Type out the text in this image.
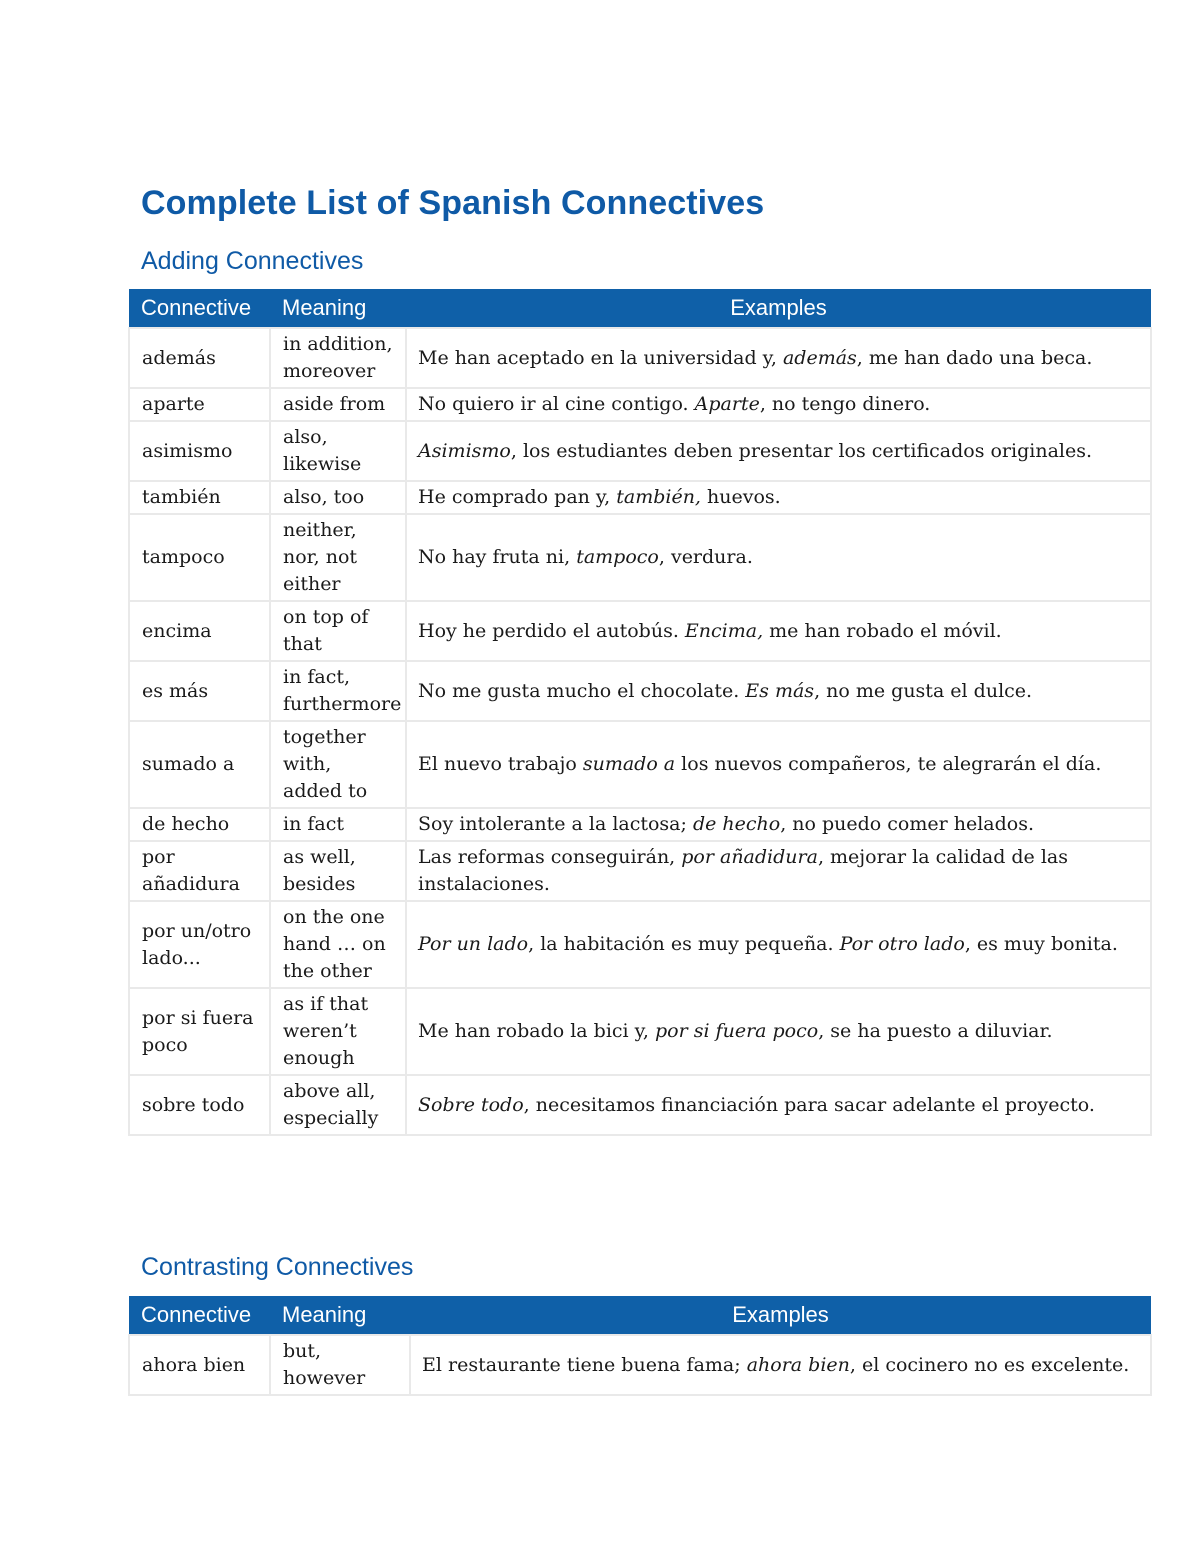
Complete List of Spanish Connectives
Adding Connectives
Connective	Meaning	Examples
además	in addition, moreover	Me han aceptado en la universidad y, además, me han dado una beca.
aparte	aside from	No quiero ir al cine contigo. Aparte, no tengo dinero.
asimismo	also, likewise	Asimismo, los estudiantes deben presentar los certificados originales.
también	also, too	He comprado pan y, también, huevos.
tampoco	neither, nor, not either	No hay fruta ni, tampoco, verdura.
encima	on top of that	Hoy he perdido el autobús. Encima, me han robado el móvil.
es más	in fact, furthermore	No me gusta mucho el chocolate. Es más, no me gusta el dulce.
sumado a	together with, added to	El nuevo trabajo sumado a los nuevos compañeros, te alegrarán el día.
de hecho	in fact	Soy intolerante a la lactosa; de hecho, no puedo comer helados.
por añadidura	as well, besides	Las reformas conseguirán, por añadidura, mejorar la calidad de las instalaciones.
por un/otro lado...	on the one hand … on the other	Por un lado, la habitación es muy pequeña. Por otro lado, es muy bonita.
por si fuera poco	as if that weren’t enough	Me han robado la bici y, por si fuera poco, se ha puesto a diluviar.
sobre todo	above all, especially	Sobre todo, necesitamos financiación para sacar adelante el proyecto.
Contrasting Connectives
Connective	Meaning	Examples
ahora bien	but, however	El restaurante tiene buena fama; ahora bien, el cocinero no es excelente.
